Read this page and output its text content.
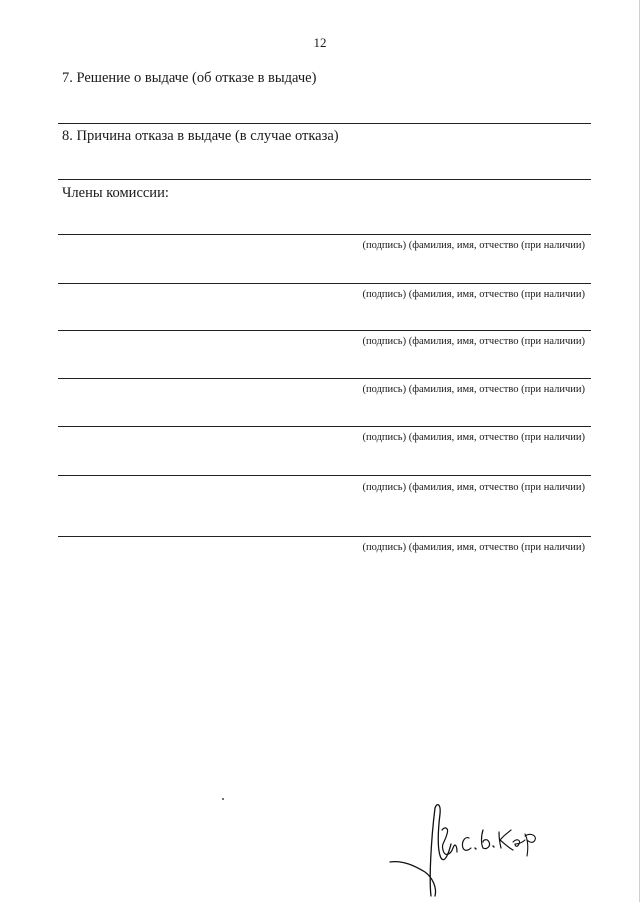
12
7. Решение о выдаче (об отказе в выдаче)
8. Причина отказа в выдаче (в случае отказа)
Члены комиссии:
(подпись) (фамилия, имя, отчество (при наличии)
(подпись) (фамилия, имя, отчество (при наличии)
(подпись) (фамилия, имя, отчество (при наличии)
(подпись) (фамилия, имя, отчество (при наличии)
(подпись) (фамилия, имя, отчество (при наличии)
(подпись) (фамилия, имя, отчество (при наличии)
(подпись) (фамилия, имя, отчество (при наличии)
